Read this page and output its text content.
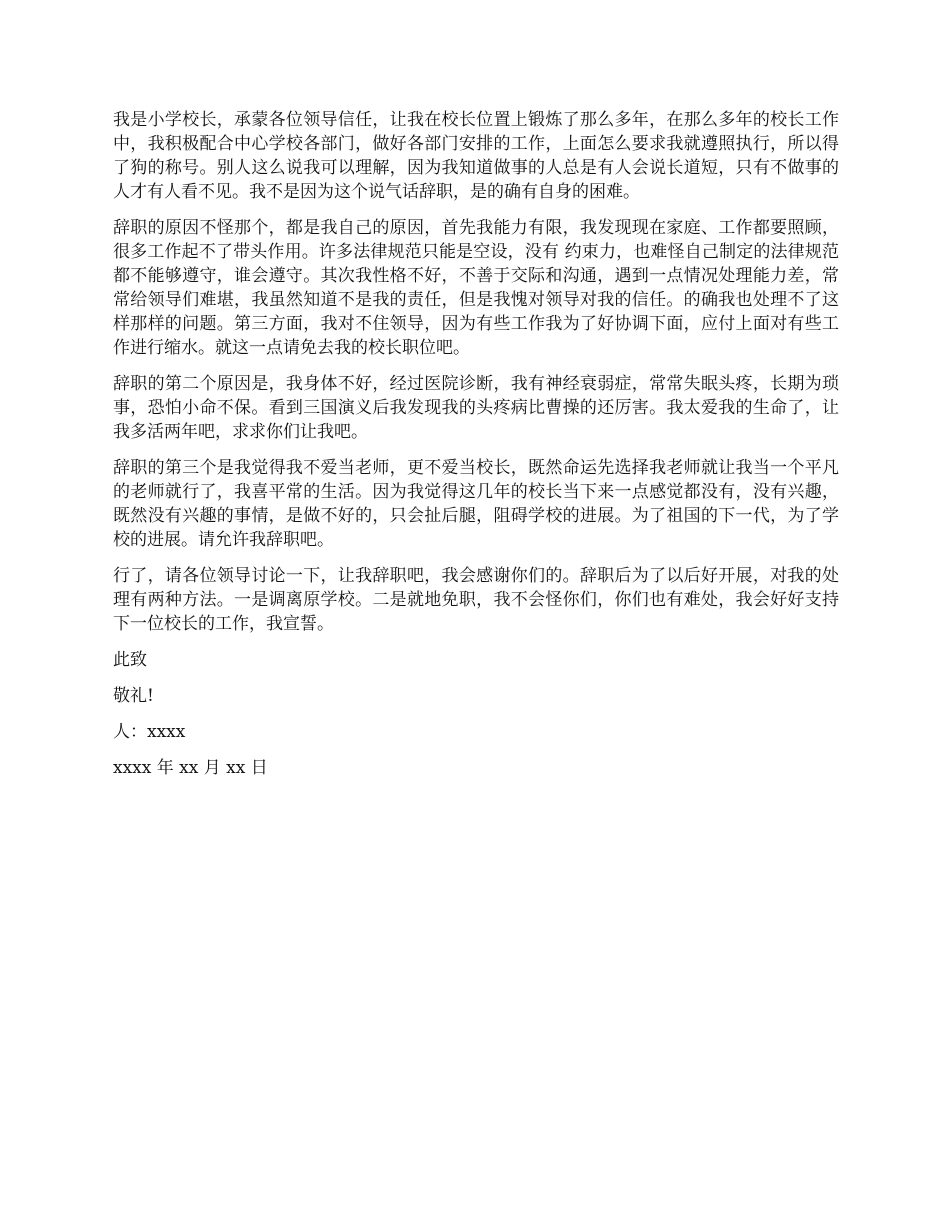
我是小学校长，承蒙各位领导信任，让我在校长位置上锻炼了那么多年，在那么多年的校长工作中，我积极配合中心学校各部门，做好各部门安排的工作，上面怎么要求我就遵照执行，所以得了狗的称号。别人这么说我可以理解，因为我知道做事的人总是有人会说长道短，只有不做事的人才有人看不见。我不是因为这个说气话辞职，是的确有自身的困难。

辞职的原因不怪那个，都是我自己的原因，首先我能力有限，我发现现在家庭、工作都要照顾，很多工作起不了带头作用。许多法律规范只能是空设，没有 约束力，也难怪自己制定的法律规范都不能够遵守，谁会遵守。其次我性格不好，不善于交际和沟通，遇到一点情况处理能力差，常常给领导们难堪，我虽然知道不是我的责任，但是我愧对领导对我的信任。的确我也处理不了这样那样的问题。第三方面，我对不住领导，因为有些工作我为了好协调下面，应付上面对有些工作进行缩水。就这一点请免去我的校长职位吧。

辞职的第二个原因是，我身体不好，经过医院诊断，我有神经衰弱症，常常失眠头疼，长期为琐事，恐怕小命不保。看到三国演义后我发现我的头疼病比曹操的还厉害。我太爱我的生命了，让我多活两年吧，求求你们让我吧。

辞职的第三个是我觉得我不爱当老师，更不爱当校长，既然命运先选择我老师就让我当一个平凡的老师就行了，我喜平常的生活。因为我觉得这几年的校长当下来一点感觉都没有，没有兴趣，既然没有兴趣的事情，是做不好的，只会扯后腿，阻碍学校的进展。为了祖国的下一代，为了学校的进展。请允许我辞职吧。

行了，请各位领导讨论一下，让我辞职吧，我会感谢你们的。辞职后为了以后好开展，对我的处理有两种方法。一是调离原学校。二是就地免职，我不会怪你们，你们也有难处，我会好好支持下一位校长的工作，我宣誓。

此致

敬礼!

人：xxxx

xxxx 年 xx 月 xx 日
